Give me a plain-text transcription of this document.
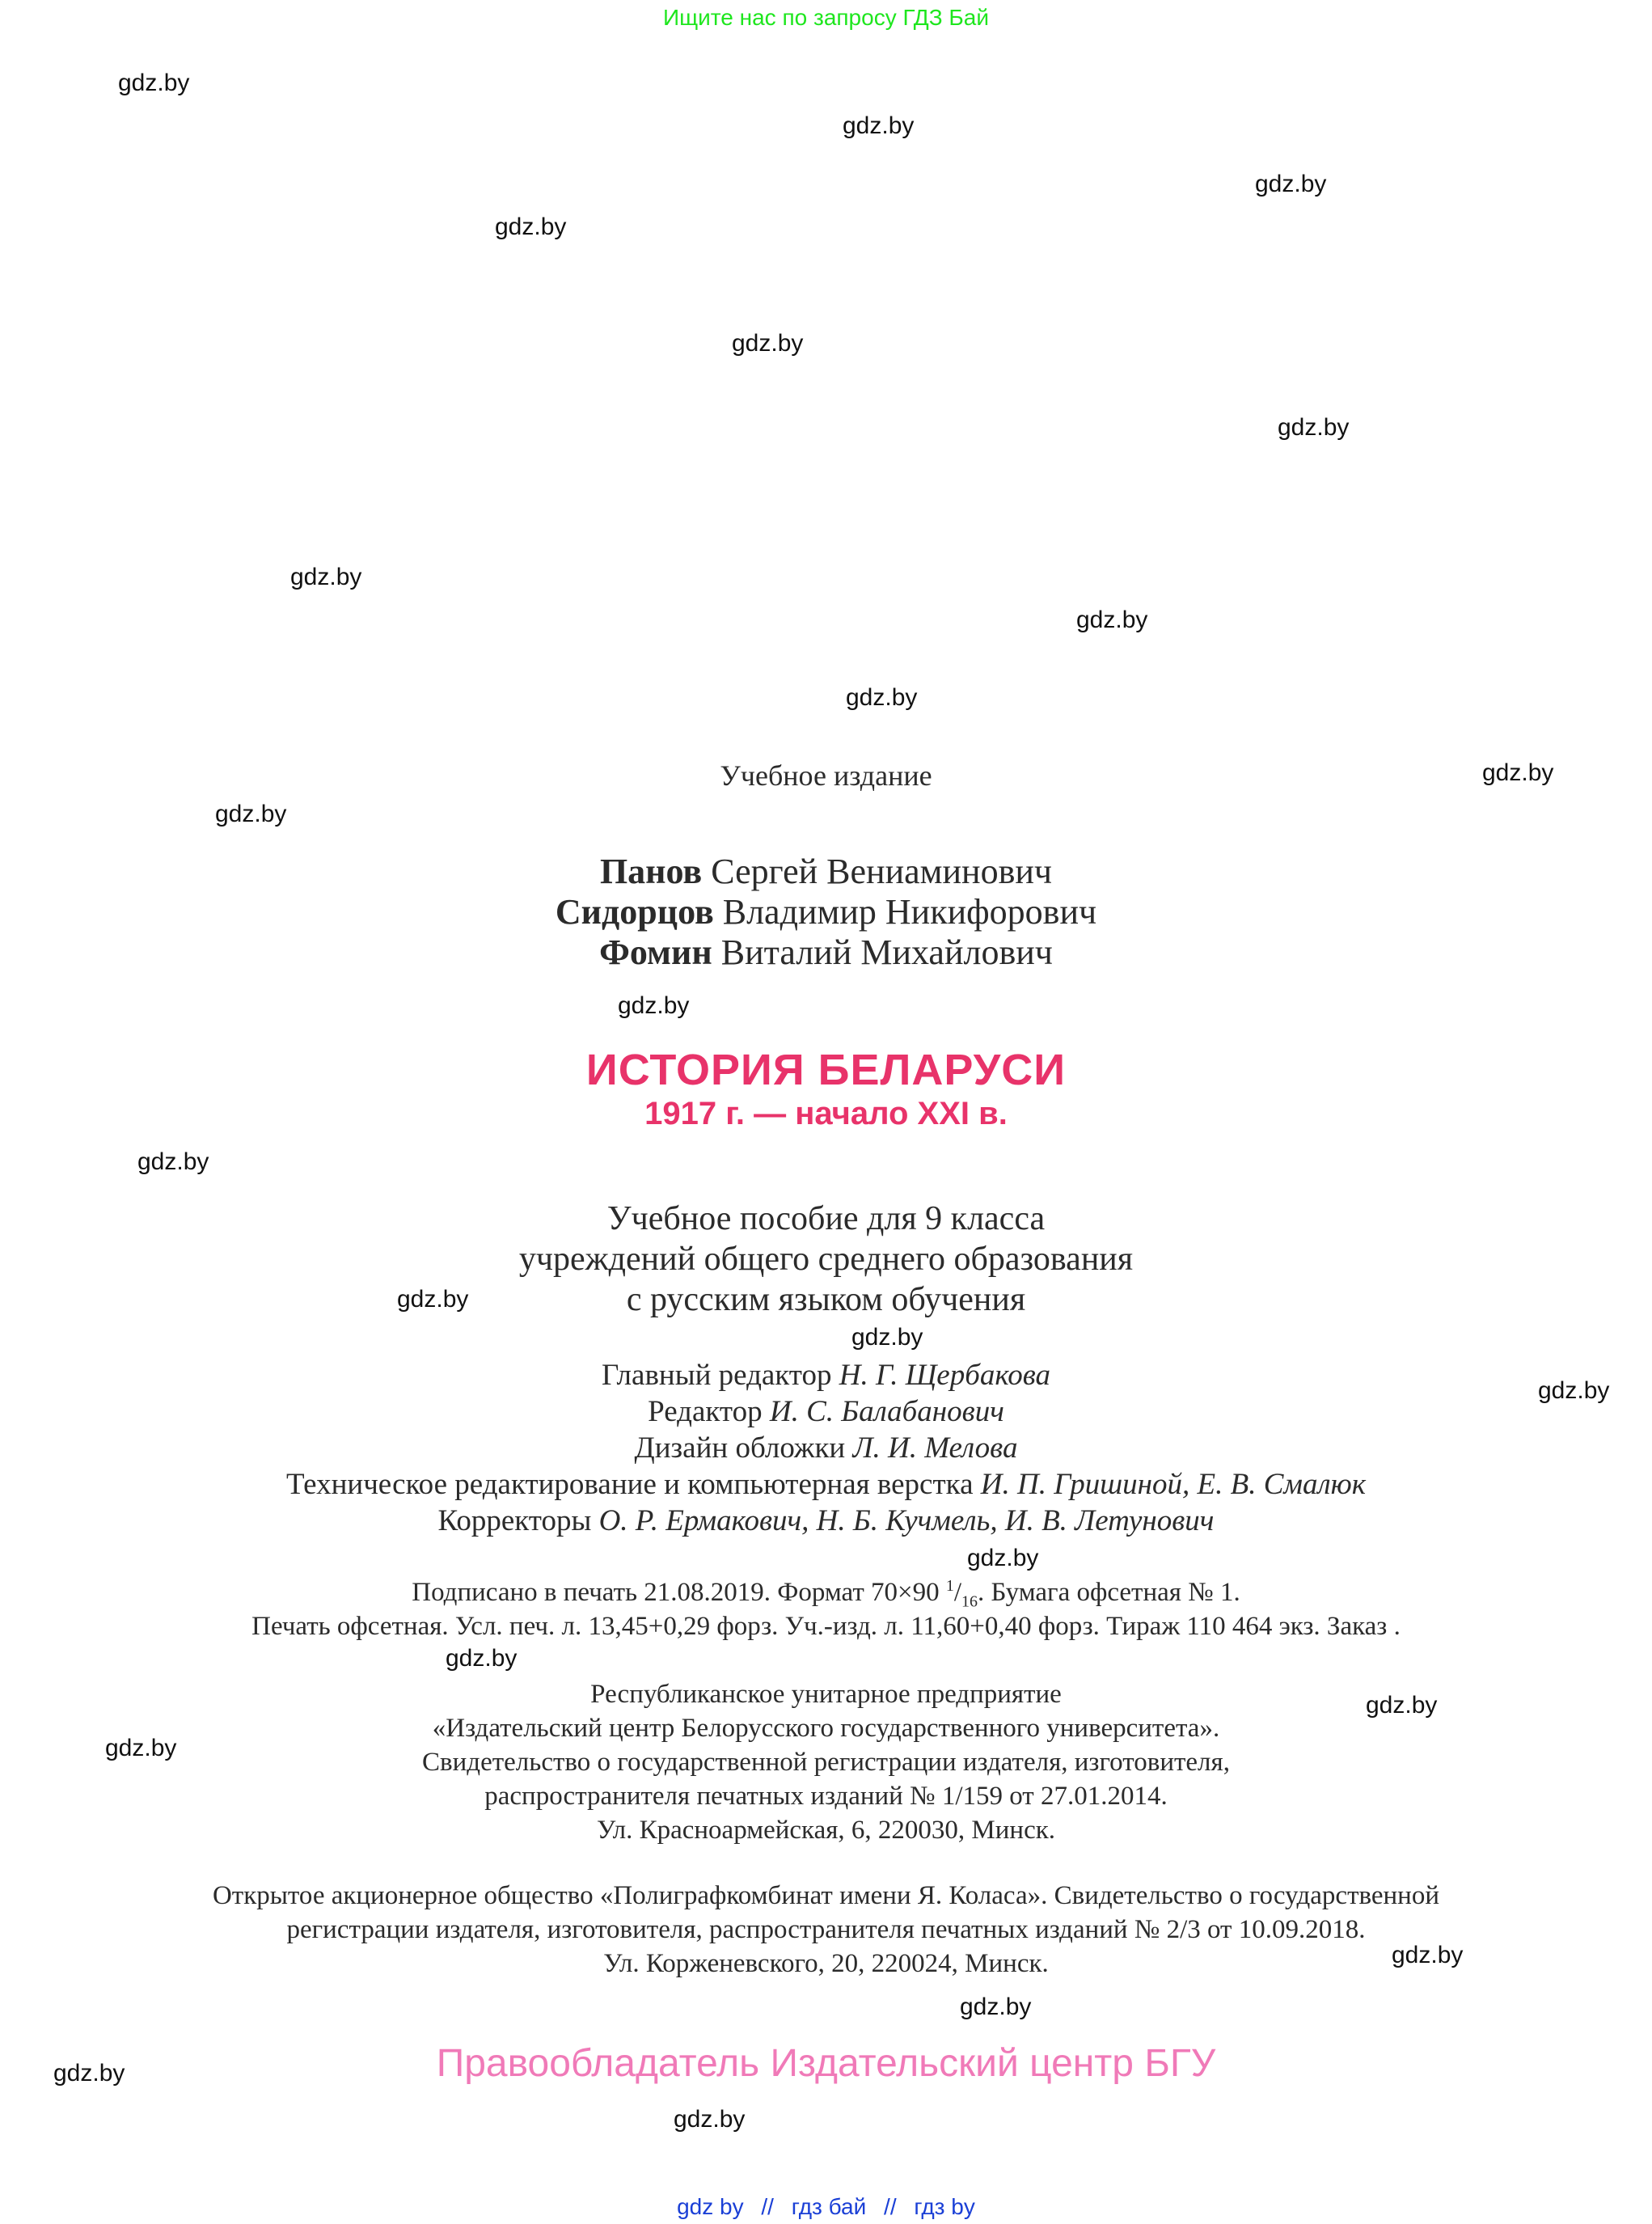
Ищите нас по запросу ГДЗ Бай
gdz.by
gdz.by
gdz.by
gdz.by
gdz.by
gdz.by
gdz.by
gdz.by
gdz.by
gdz.by
gdz.by
gdz.by
gdz.by
gdz.by
gdz.by
gdz.by
gdz.by
gdz.by
gdz.by
gdz.by
gdz.by
gdz.by
gdz.by
gdz.by
Учебное издание
Панов Сергей Вениаминович
Сидорцов Владимир Никифорович
Фомин Виталий Михайлович
ИСТОРИЯ БЕЛАРУСИ
1917 г. — начало XXI в.
Учебное пособие для 9 класса
учреждений общего среднего образования
с русским языком обучения
Главный редактор Н. Г. Щербакова
Редактор И. С. Балабанович
Дизайн обложки Л. И. Мелова
Техническое редактирование и компьютерная верстка И. П. Гришиной, Е. В. Смалюк
Корректоры О. Р. Ермакович, Н. Б. Кучмель, И. В. Летунович
Подписано в печать 21.08.2019. Формат 70×90 $^1/_{16}$. Бумага офсетная № 1.
Печать офсетная. Усл. печ. л. 13,45+0,29 форз. Уч.-изд. л. 11,60+0,40 форз. Тираж 110 464 экз. Заказ .
Республиканское унитарное предприятие
«Издательский центр Белорусского государственного университета».
Свидетельство о государственной регистрации издателя, изготовителя,
распространителя печатных изданий № 1/159 от 27.01.2014.
Ул. Красноармейская, 6, 220030, Минск.
Открытое акционерное общество «Полиграфкомбинат имени Я. Коласа». Свидетельство о государственной
регистрации издателя, изготовителя, распространителя печатных изданий № 2/3 от 10.09.2018.
Ул. Корженевского, 20, 220024, Минск.
Правообладатель Издательский центр БГУ
gdz by // гдз бай // гдз by
